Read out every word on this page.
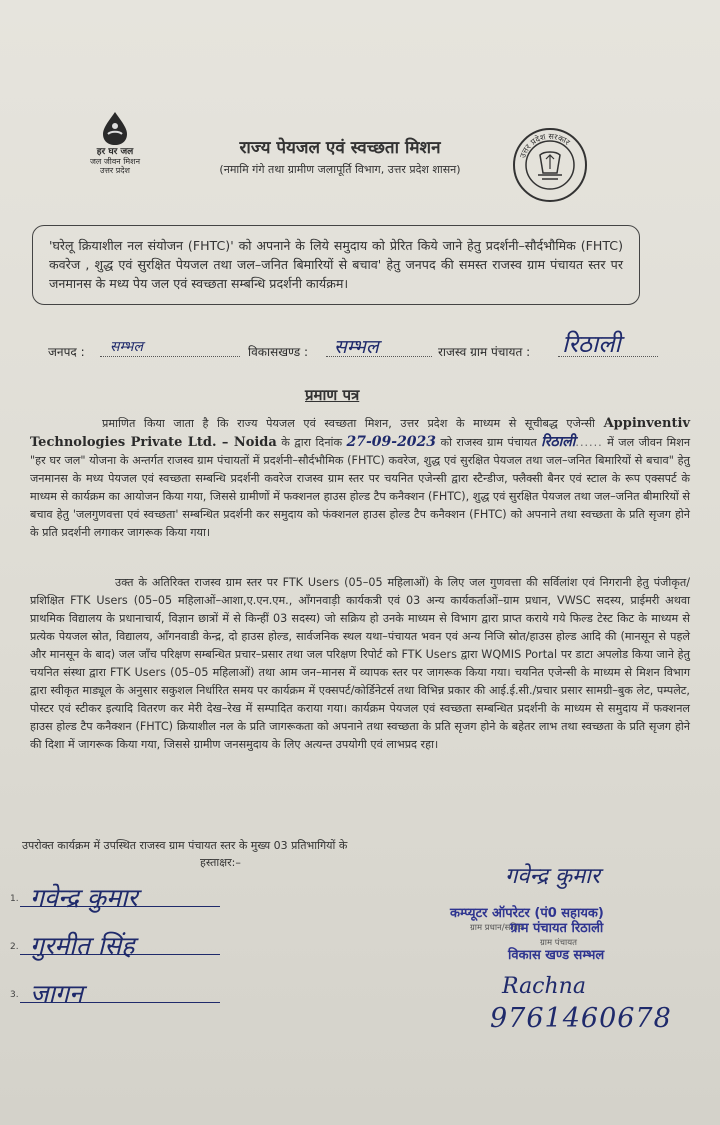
हर घर जल
जल जीवन मिशन
उत्तर प्रदेश
राज्य पेयजल एवं स्वच्छता मिशन
(नमामि गंगे तथा ग्रामीण जलापूर्ति विभाग, उत्तर प्रदेश शासन)
उत्तर प्रदेश सरकार
'घरेलू क्रियाशील नल संयोजन (FHTC)' को अपनाने के लिये समुदाय को प्रेरित किये जाने हेतु प्रदर्शनी–सौर्दभौमिक (FHTC) कवरेज , शुद्ध एवं सुरक्षित पेयजल तथा जल–जनित बिमारियों से बचाव' हेतु जनपद की समस्त राजस्व ग्राम पंचायत स्तर पर जनमानस के मध्य पेय जल एवं स्वच्छता सम्बन्धि प्रदर्शनी कार्यक्रम।
जनपद : सम्भल	विकासखण्ड : सम्भल	राजस्व ग्राम पंचायत : रिठाली
प्रमाण पत्र
प्रमाणित किया जाता है कि राज्य पेयजल एवं स्वच्छता मिशन, उत्तर प्रदेश के माध्यम से सूचीबद्ध एजेन्सी Appinventiv Technologies Private Ltd. – Noida के द्वारा दिनांक 27-09-2023 को राजस्व ग्राम पंचायत रिठाली...... में जल जीवन मिशन "हर घर जल" योजना के अन्तर्गत राजस्व ग्राम पंचायतों में प्रदर्शनी–सौर्दभौमिक (FHTC) कवरेज, शुद्ध एवं सुरक्षित पेयजल तथा जल–जनित बिमारियों से बचाव" हेतु जनमानस के मध्य पेयजल एवं स्वच्छता सम्बन्धि प्रदर्शनी कवरेज राजस्व ग्राम स्तर पर चयनित एजेन्सी द्वारा स्टैन्डीज, फ्लैक्सी बैनर एवं स्टाल के रूप एक्सपर्ट के माध्यम से कार्यक्रम का आयोजन किया गया, जिससे ग्रामीणों में फक्शनल हाउस होल्ड टैप कनैक्शन (FHTC), शुद्ध एवं सुरक्षित पेयजल तथा जल–जनित बीमारियों से बचाव हेतु 'जलगुणवत्ता एवं स्वच्छता' सम्बन्धित प्रदर्शनी कर समुदाय को फंक्शनल हाउस होल्ड टैप कनैक्शन (FHTC) को अपनाने तथा स्वच्छता के प्रति सृजग होने के प्रति प्रदर्शनी लगाकर जागरूक किया गया।
उक्त के अतिरिक्त राजस्व ग्राम स्तर पर FTK Users (05–05 महिलाओं) के लिए जल गुणवत्ता की सर्विलांश एवं निगरानी हेतु पंजीकृत/प्रशिक्षित FTK Users (05–05 महिलाओं–आशा,ए.एन.एम., आँगनवाड़ी कार्यकत्री एवं 03 अन्य कार्यकर्ताओं–ग्राम प्रधान, VWSC सदस्य, प्राईमरी अथवा प्राथमिक विद्यालय के प्रधानाचार्य, विज्ञान छात्रों में से किन्हीं 03 सदस्य) जो सक्रिय हो उनके माध्यम से विभाग द्वारा प्राप्त कराये गये फिल्ड टेस्ट किट के माध्यम से प्रत्येक पेयजल स्रोत, विद्यालय, आँगनवाडी केन्द्र, दो हाउस होल्ड, सार्वजनिक स्थल यथा–पंचायत भवन एवं अन्य निजि स्रोत/हाउस होल्ड आदि की (मानसून से पहले और मानसून के बाद) जल जाँच परिक्षण सम्बन्धित प्रचार–प्रसार तथा जल परिक्षण रिपोर्ट को FTK Users द्वारा WQMIS Portal पर डाटा अपलोड किया जाने हेतु चयनित संस्था द्वारा FTK Users (05–05 महिलाओं) तथा आम जन–मानस में व्यापक स्तर पर जागरूक किया गया। चयनित एजेन्सी के माध्यम से मिशन विभाग द्वारा स्वीकृत माड्यूल के अनुसार सकुशल निर्धारित समय पर कार्यक्रम में एक्सपर्ट/कोर्डिनेटर्स तथा विभिन्न प्रकार की आई.ई.सी./प्रचार प्रसार सामग्री–बुक लेट, पम्पलेट, पोस्टर एवं स्टीकर इत्यादि वितरण कर मेरी देख–रेख में सम्पादित कराया गया। कार्यक्रम पेयजल एवं स्वच्छता सम्बन्धित प्रदर्शनी के माध्यम से समुदाय में फक्शनल हाउस होल्ड टैप कनैक्शन (FHTC) क्रियाशील नल के प्रति जागरूकता को अपनाने तथा स्वच्छता के प्रति सृजग होने के बहेतर लाभ तथा स्वच्छता के प्रति सृजग होने की दिशा में जागरूक किया गया, जिससे ग्रामीण जनसमुदाय के लिए अत्यन्त उपयोगी एवं लाभप्रद रहा।
उपरोक्त कार्यक्रम में उपस्थित राजस्व ग्राम पंचायत स्तर के मुख्य 03 प्रतिभागियों के
हस्ताक्षर:–
1. गवेन्द्र कुमार
2. गुरमीत सिंह
3. जागन
गवेन्द्र कुमार
कम्प्यूटर ऑपरेटर (पं0 सहायक)
ग्राम प्रधान/सचिव
ग्राम पंचायत रिठाली
ग्राम पंचायत
विकास खण्ड सम्भल
Rachna
9761460678
